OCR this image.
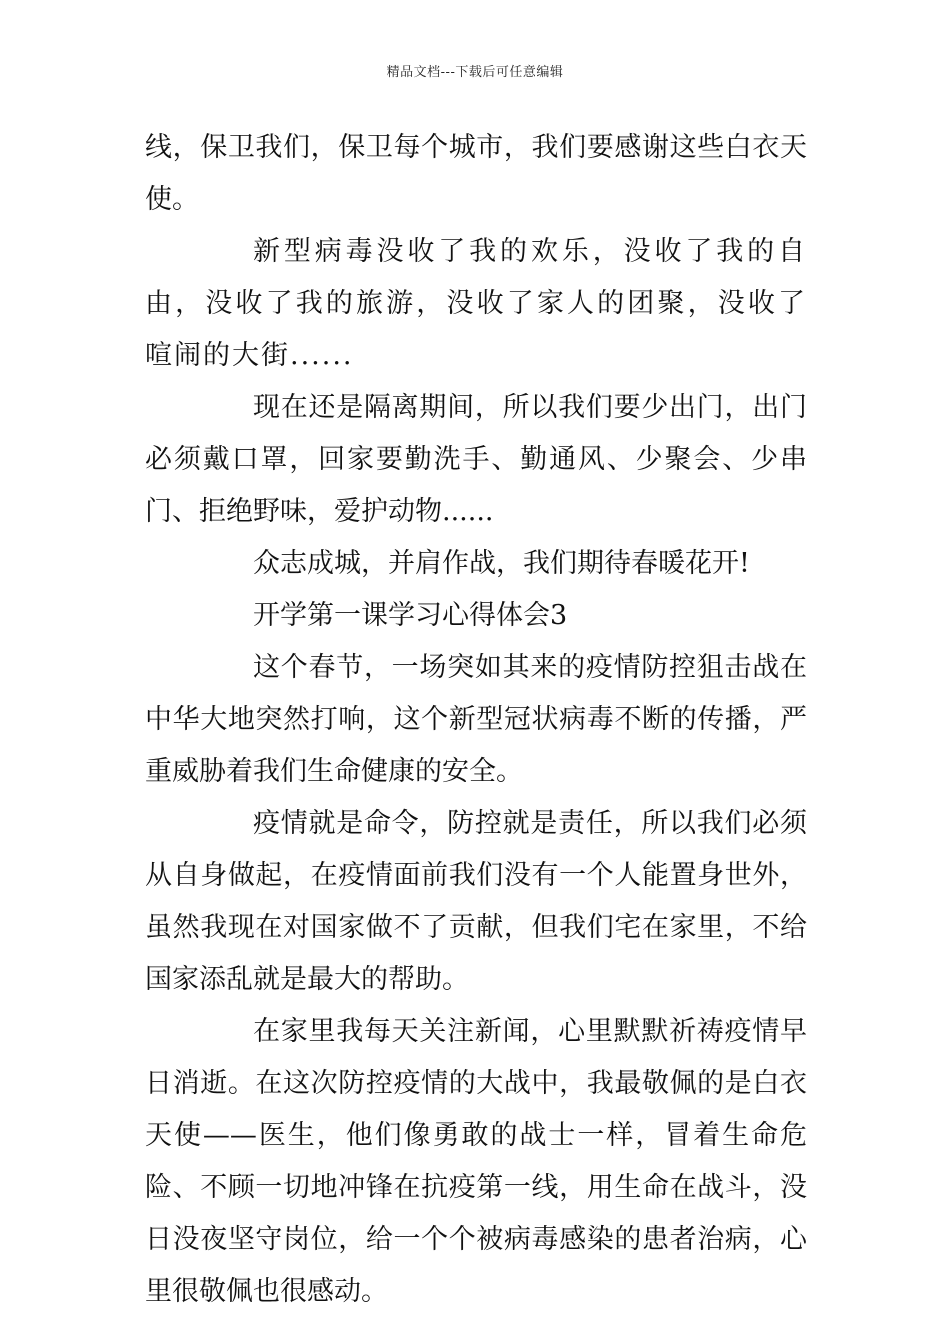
精品文档---下载后可任意编辑

线，保卫我们，保卫每个城市，我们要感谢这些白衣天使。

新型病毒没收了我的欢乐，没收了我的自由，没收了我的旅游，没收了家人的团聚，没收了喧闹的大街......

现在还是隔离期间，所以我们要少出门，出门必须戴口罩，回家要勤洗手、勤通风、少聚会、少串门、拒绝野味，爱护动物......

众志成城，并肩作战，我们期待春暖花开!

开学第一课学习心得体会3

这个春节，一场突如其来的疫情防控狙击战在中华大地突然打响，这个新型冠状病毒不断的传播，严重威胁着我们生命健康的安全。

疫情就是命令，防控就是责任，所以我们必须从自身做起，在疫情面前我们没有一个人能置身世外，虽然我现在对国家做不了贡献，但我们宅在家里，不给国家添乱就是最大的帮助。

在家里我每天关注新闻，心里默默祈祷疫情早日消逝。在这次防控疫情的大战中，我最敬佩的是白衣天使——医生，他们像勇敢的战士一样，冒着生命危险、不顾一切地冲锋在抗疫第一线，用生命在战斗，没日没夜坚守岗位，给一个个被病毒感染的患者治病，心里很敬佩也很感动。
